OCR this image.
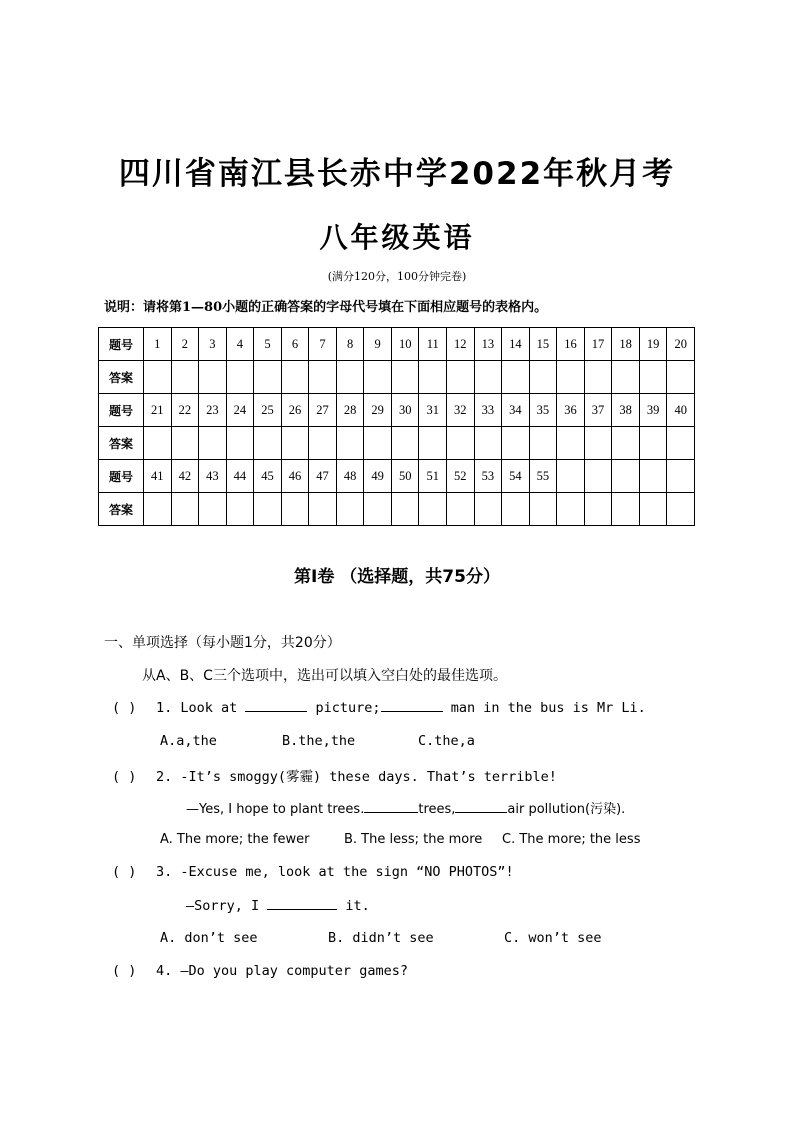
四川省南江县长赤中学2022年秋月考
八年级英语
(满分120分，100分钟完卷)
说明：请将第1—80小题的正确答案的字母代号填在下面相应题号的表格内。
题号	1	2	3	4	5	6	7	8	9	10	11	12	13	14	15	16	17	18	19	20
答案																				
题号	21	22	23	24	25	26	27	28	29	30	31	32	33	34	35	36	37	38	39	40
答案																				
题号	41	42	43	44	45	46	47	48	49	50	51	52	53	54	55					
答案																				
第Ⅰ卷 （选择题，共75分）
一、单项选择（每小题1分，共20分）
从A、B、C三个选项中，选出可以填入空白处的最佳选项。
( ) 1. Look at	picture;	man in the bus is Mr Li.
A.a,the	B.the,the	C.the,a
( ) 2. -It’s smoggy(雾霾) these days. That’s terrible!
—Yes, I hope to plant trees.	trees,	air pollution(污染).
A. The more; the fewer	B. The less; the more C. The more; the less
( ) 3. -Excuse me, look at the sign “NO PHOTOS”!
—Sorry, I	it.
A. don’t see	B. didn’t see	C. won’t see
( ) 4. —Do you play computer games?
